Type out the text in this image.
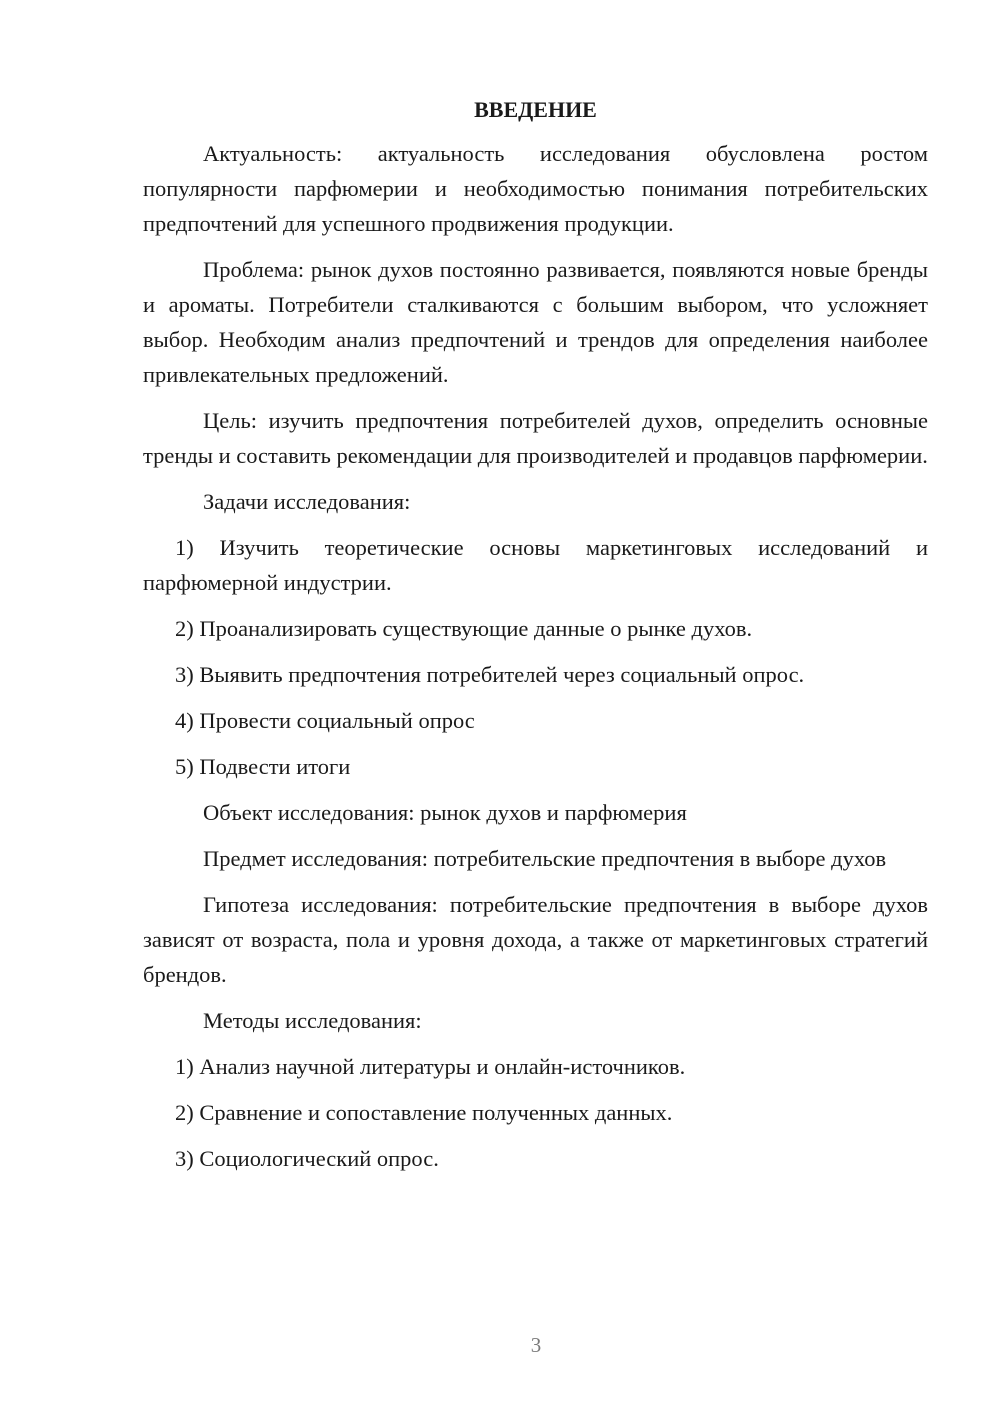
ВВЕДЕНИЕ
Актуальность: актуальность исследования обусловлена ростом популярности парфюмерии и необходимостью понимания потребительских предпочтений для успешного продвижения продукции.
Проблема: рынок духов постоянно развивается, появляются новые бренды и ароматы. Потребители сталкиваются с большим выбором, что усложняет выбор. Необходим анализ предпочтений и трендов для определения наиболее привлекательных предложений.
Цель: изучить предпочтения потребителей духов, определить основные тренды и составить рекомендации для производителей и продавцов парфюмерии.
Задачи исследования:
1) Изучить теоретические основы маркетинговых исследований и парфюмерной индустрии.
2) Проанализировать существующие данные о рынке духов.
3) Выявить предпочтения потребителей через социальный опрос.
4) Провести социальный опрос
5) Подвести итоги
Объект исследования: рынок духов и парфюмерия
Предмет исследования: потребительские предпочтения в выборе духов
Гипотеза исследования: потребительские предпочтения в выборе духов зависят от возраста, пола и уровня дохода, а также от маркетинговых стратегий брендов.
Методы исследования:
1) Анализ научной литературы и онлайн-источников.
2) Сравнение и сопоставление полученных данных.
3) Социологический опрос.
3
